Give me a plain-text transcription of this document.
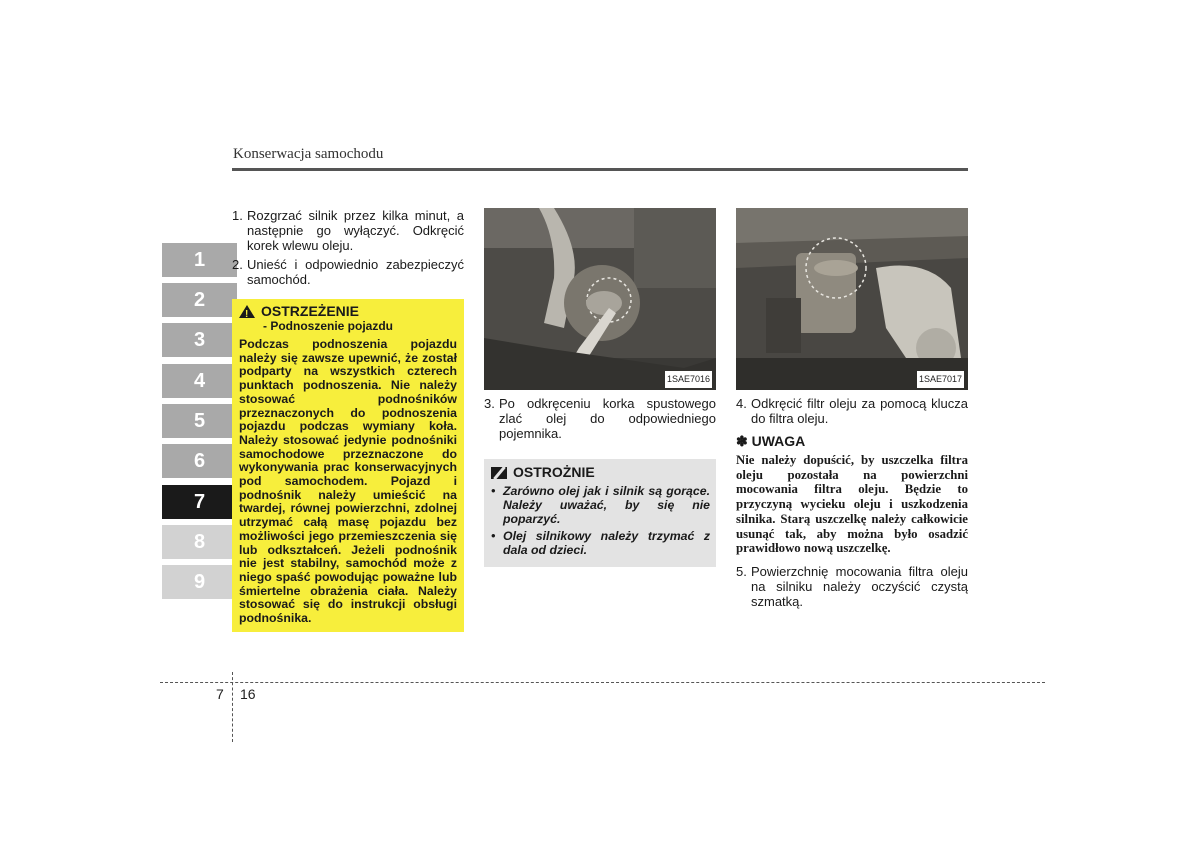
Konserwacja samochodu
1
2
3
4
5
6
7
8
9
1. Rozgrzać silnik przez kilka minut, a następnie go wyłączyć. Odkręcić korek wlewu oleju.
2. Unieść i odpowiednio zabezpieczyć samochód.
!
OSTRZEŻENIE
- Podnoszenie pojazdu
Podczas podnoszenia pojazdu należy się zawsze upewnić, że został podparty na wszystkich czterech punktach podnoszenia. Nie należy stosować podnośników przeznaczonych do podnoszenia pojazdu podczas wymiany koła. Należy stosować jedynie podnośniki samochodowe przeznaczone do wykonywania prac konserwacyjnych pod samochodem. Pojazd i podnośnik należy umieścić na twardej, równej powierzchni, zdolnej utrzymać całą masę pojazdu bez możliwości jego przemieszczenia się lub odkształceń. Jeżeli podnośnik nie jest stabilny, samochód może z niego spaść powodując poważne lub śmiertelne obrażenia ciała. Należy stosować się do instrukcji obsługi podnośnika.
1SAE7016
3. Po odkręceniu korka spustowego zlać olej do odpowiedniego pojemnika.
OSTROŻNIE
• Zarówno olej jak i silnik są gorące. Należy uważać, by się nie poparzyć.
• Olej silnikowy należy trzymać z dala od dzieci.
1SAE7017
4. Odkręcić filtr oleju za pomocą klucza do filtra oleju.
✽ UWAGA
Nie należy dopuścić, by uszczelka filtra oleju pozostała na powierzchni mocowania filtra oleju. Będzie to przyczyną wycieku oleju i uszkodzenia silnika. Starą uszczelkę należy całkowicie usunąć tak, aby można było osadzić prawidłowo nową uszczelkę.
5. Powierzchnię mocowania filtra oleju na silniku należy oczyścić czystą szmatką.
7 16
